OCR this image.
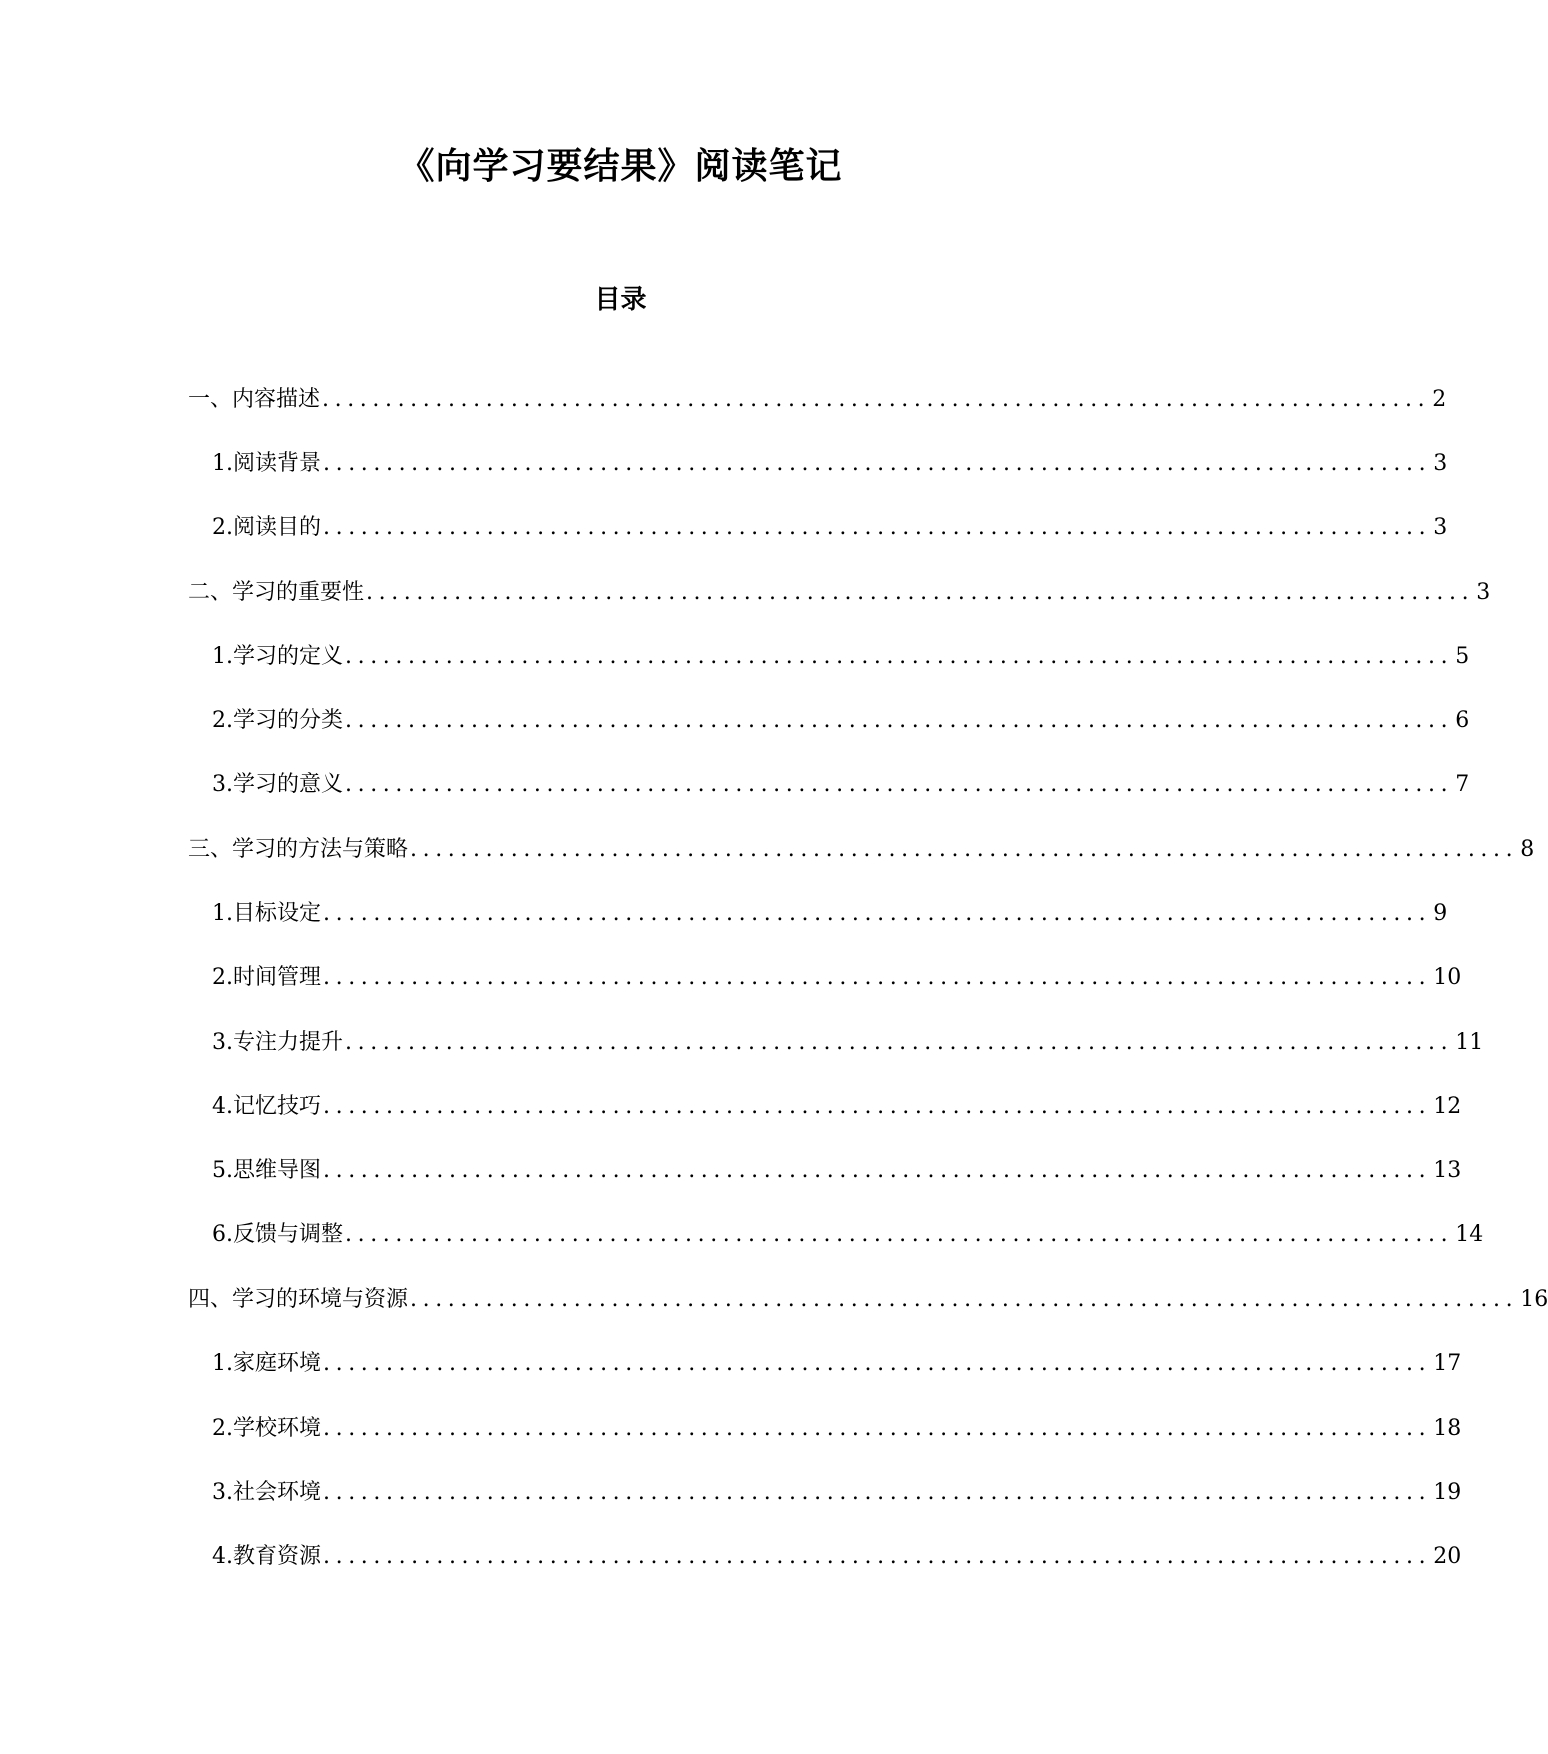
《向学习要结果》阅读笔记
目录
一、内容描述 ........................................................................................ 2
1. 阅读背景 ........................................................................................ 3
2. 阅读目的 ........................................................................................ 3
二、学习的重要性 ........................................................................................ 3
1. 学习的定义 ........................................................................................ 5
2. 学习的分类 ........................................................................................ 6
3. 学习的意义 ........................................................................................ 7
三、学习的方法与策略 ........................................................................................ 8
1. 目标设定 ........................................................................................ 9
2. 时间管理 ........................................................................................ 10
3. 专注力提升 ........................................................................................ 11
4. 记忆技巧 ........................................................................................ 12
5. 思维导图 ........................................................................................ 13
6. 反馈与调整 ........................................................................................ 14
四、学习的环境与资源 ........................................................................................ 16
1. 家庭环境 ........................................................................................ 17
2. 学校环境 ........................................................................................ 18
3. 社会环境 ........................................................................................ 19
4. 教育资源 ........................................................................................ 20
